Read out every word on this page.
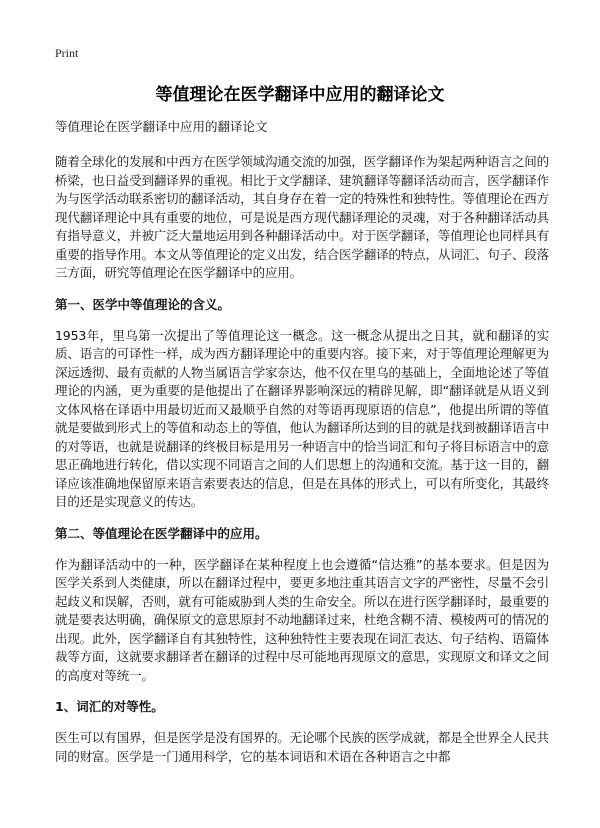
Print
等值理论在医学翻译中应用的翻译论文

等值理论在医学翻译中应用的翻译论文

随着全球化的发展和中西方在医学领域沟通交流的加强，医学翻译作为架起两种语言之间的桥梁，也日益受到翻译界的重视。相比于文学翻译、建筑翻译等翻译活动而言，医学翻译作为与医学活动联系密切的翻译活动，其自身存在着一定的特殊性和独特性。等值理论在西方现代翻译理论中具有重要的地位，可是说是西方现代翻译理论的灵魂，对于各种翻译活动具有指导意义，并被广泛大量地运用到各种翻译活动中。对于医学翻译，等值理论也同样具有重要的指导作用。本文从等值理论的定义出发，结合医学翻译的特点，从词汇、句子、段落三方面，研究等值理论在医学翻译中的应用。

第一、医学中等值理论的含义。

1953年，里乌第一次提出了等值理论这一概念。这一概念从提出之日其，就和翻译的实质、语言的可译性一样，成为西方翻译理论中的重要内容。接下来，对于等值理论理解更为深远透彻、最有贡献的人物当属语言学家奈达，他不仅在里乌的基础上，全面地论述了等值理论的内涵，更为重要的是他提出了在翻译界影响深远的精辟见解，即“翻译就是从语义到文体风格在译语中用最切近而又最顺乎自然的对等语再现原语的信息”，他提出所谓的等值就是要做到形式上的等值和动态上的等值，他认为翻译所达到的目的就是找到被翻译语言中的对等语，也就是说翻译的终极目标是用另一种语言中的恰当词汇和句子将目标语言中的意思正确地进行转化，借以实现不同语言之间的人们思想上的沟通和交流。基于这一目的，翻译应该准确地保留原来语言索要表达的信息，但是在具体的形式上，可以有所变化，其最终目的还是实现意义的传达。

第二、等值理论在医学翻译中的应用。

作为翻译活动中的一种，医学翻译在某种程度上也会遵循“信达雅”的基本要求。但是因为医学关系到人类健康，所以在翻译过程中，要更多地注重其语言文字的严密性，尽量不会引起歧义和误解，否则，就有可能威胁到人类的生命安全。所以在进行医学翻译时，最重要的就是要表达明确，确保原文的意思原封不动地翻译过来，杜绝含糊不清、模棱两可的情况的出现。此外，医学翻译自有其独特性，这种独特性主要表现在词汇表达、句子结构、语篇体裁等方面，这就要求翻译者在翻译的过程中尽可能地再现原文的意思，实现原文和译文之间的高度对等统一。

1、词汇的对等性。

医生可以有国界，但是医学是没有国界的。无论哪个民族的医学成就，都是全世界全人民共同的财富。医学是一门通用科学，它的基本词语和术语在各种语言之中都
